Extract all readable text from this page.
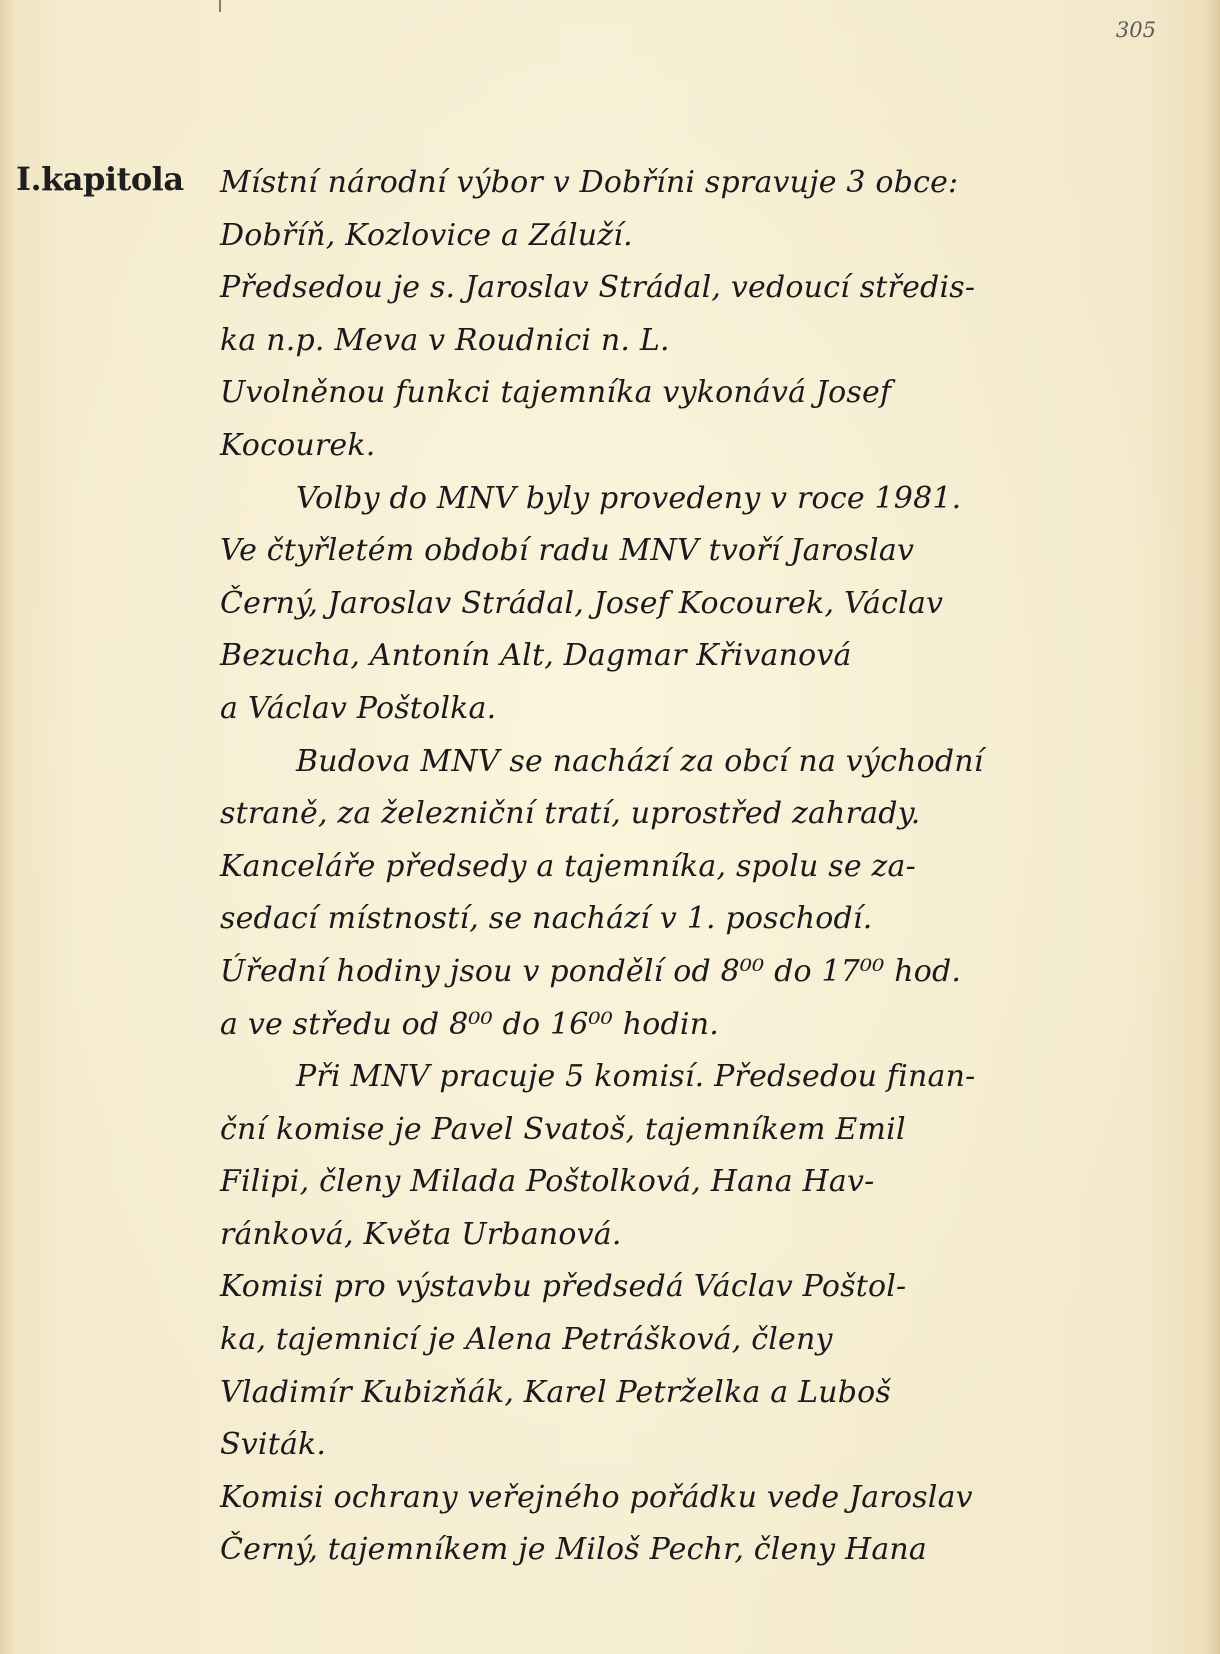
305
I.kapitola Místní národní výbor v Dobříni spravuje 3 obce:
Dobříň, Kozlovice a Záluží.
Předsedou je s. Jaroslav Strádal, vedoucí středis-
ka n.p. Meva v Roudnici n. L.
Uvolněnou funkci tajemníka vykonává Josef
Kocourek.
Volby do MNV byly provedeny v roce 1981.
Ve čtyřletém období radu MNV tvoří Jaroslav
Černý, Jaroslav Strádal, Josef Kocourek, Václav
Bezucha, Antonín Alt, Dagmar Křivanová
a Václav Poštolka.
Budova MNV se nachází za obcí na východní
straně, za železniční tratí, uprostřed zahrady.
Kanceláře předsedy a tajemníka, spolu se za-
sedací místností, se nachází v 1. poschodí.
Úřední hodiny jsou v pondělí od 8⁰⁰ do 17⁰⁰ hod.
a ve středu od 8⁰⁰ do 16⁰⁰ hodin.
Při MNV pracuje 5 komisí. Předsedou finan-
ční komise je Pavel Svatoš, tajemníkem Emil
Filipi, členy Milada Poštolková, Hana Hav-
ránková, Květa Urbanová.
Komisi pro výstavbu předsedá Václav Poštol-
ka, tajemnicí je Alena Petrášková, členy
Vladimír Kubizňák, Karel Petrželka a Luboš
Sviták.
Komisi ochrany veřejného pořádku vede Jaroslav
Černý, tajemníkem je Miloš Pechr, členy Hana
